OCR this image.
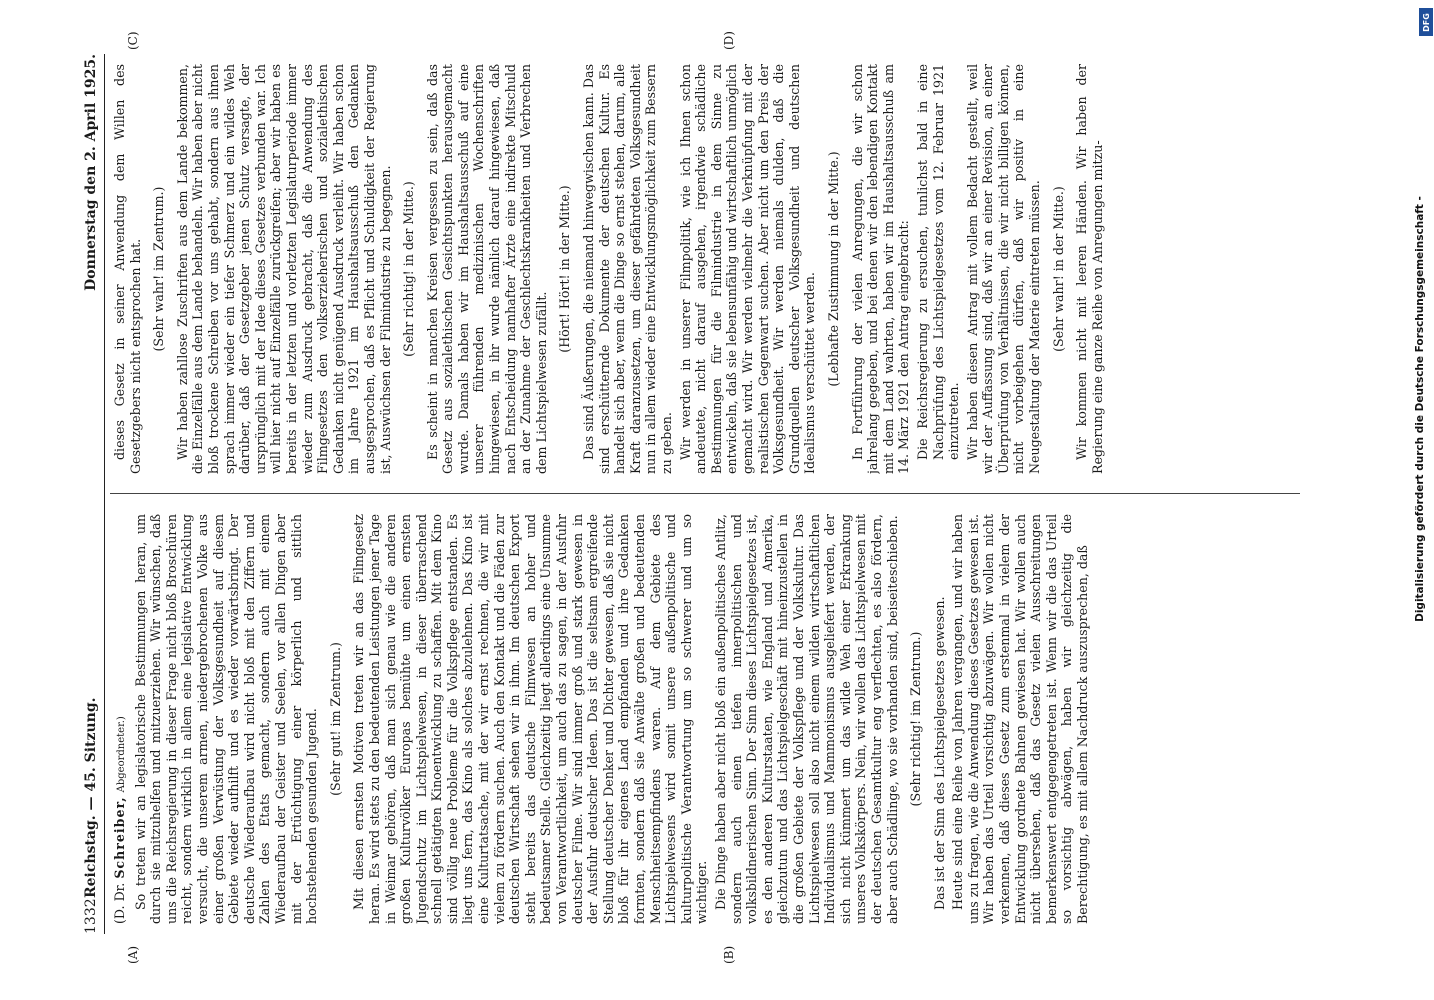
1332
Reichstag. — 45. Sitzung.
Donnerstag den 2. April 1925.
(A)	(B)
(C)	(D)
(D. Dr. Schreiber, Abgeordneter.) So treten wir an legislatorische Bestimmungen heran, um durch sie mitzuhelfen und mitzuerziehen. Wir wünschen, daß uns die Reichsregierung in dieser Frage nicht bloß Broschüren reicht, sondern wirklich in allem eine legislative Entwicklung versucht, die unserem armen, niedergebrochenen Volke aus einer großen Verwüstung der Volksgesundheit auf diesem Gebiete wieder aufhilft und es wieder vorwärtsbringt. Der deutsche Wiederaufbau wird nicht bloß mit den Ziffern und Zahlen des Etats gemacht, sondern auch mit einem Wiederaufbau der Geister und Seelen, vor allen Dingen aber mit der Ertüchtigung einer körperlich und sittlich hochstehenden gesunden Jugend. (Sehr gut! im Zentrum.) Mit diesen ernsten Motiven treten wir an das Filmgesetz heran. Es wird stets zu den bedeutenden Leistungen jener Tage in Weimar gehören, daß man sich genau wie die anderen großen Kulturvölker Europas bemühte um einen ernsten Jugendschutz im Lichtspielwesen, in dieser überraschend schnell getätigten Kinoentwicklung zu schaffen. Mit dem Kino sind völlig neue Probleme für die Volkspflege entstanden. Es liegt uns fern, das Kino als solches abzulehnen. Das Kino ist eine Kulturtatsache, mit der wir ernst rechnen, die wir mit vielem zu fördern suchen. Auch den Kontakt und die Fäden zur deutschen Wirtschaft sehen wir in ihm. Im deutschen Export steht bereits das deutsche Filmwesen an hoher und bedeutsamer Stelle. Gleichzeitig liegt allerdings eine Unsumme von Verantwortlichkeit, um auch das zu sagen, in der Ausfuhr deutscher Filme. Wir sind immer groß und stark gewesen in der Ausfuhr deutscher Ideen. Das ist die seltsam ergreifende Stellung deutscher Denker und Dichter gewesen, daß sie nicht bloß für ihr eigenes Land empfanden und ihre Gedanken formten, sondern daß sie Anwälte großen und bedeutenden Menschheitsempfindens waren. Auf dem Gebiete des Lichtspielwesens wird somit unsere außenpolitische und kulturpolitische Verantwortung um so schwerer und um so wichtiger. Die Dinge haben aber nicht bloß ein außenpolitisches Antlitz, sondern auch einen tiefen innerpolitischen und volksbildnerischen Sinn. Der Sinn dieses Lichtspielgesetzes ist, es den anderen Kulturstaaten, wie England und Amerika, gleichzutun und das Lichtspielgeschäft mit hineinzustellen in die großen Gebiete der Volkspflege und der Volkskultur. Das Lichtspielwesen soll also nicht einem wilden wirtschaftlichen Individualismus und Mammonismus ausgeliefert werden, der sich nicht kümmert um das wilde Weh einer Erkrankung unseres Volkskörpers. Nein, wir wollen das Lichtspielwesen mit der deutschen Gesamtkultur eng verflechten, es also fördern, aber auch Schädlinge, wo sie vorhanden sind, beiseiteschieben. (Sehr richtig! im Zentrum.) Das ist der Sinn des Lichtspielgesetzes gewesen. Heute sind eine Reihe von Jahren vergangen, und wir haben uns zu fragen, wie die Anwendung dieses Gesetzes gewesen ist. Wir haben das Urteil vorsichtig abzuwägen. Wir wollen nicht verkennen, daß dieses Gesetz zum erstenmal in vielem der Entwicklung gordnete Bahnen gewiesen hat. Wir wollen auch nicht übersehen, daß das Gesetz vielen Ausschreitungen bemerkenswert entgegengetreten ist. Wenn wir die das Urteil so vorsichtig abwägen, haben wir gleichzeitig die Berechtigung, es mit allem Nachdruck auszusprechen, daß

dieses Gesetz in seiner Anwendung dem Willen des Gesetzgebers nicht entsprochen hat. (Sehr wahr! im Zentrum.) Wir haben zahllose Zuschriften aus dem Lande bekommen, die Einzelfälle aus dem Lande behandeln. Wir haben aber nicht bloß trockene Schreiben vor uns gehabt, sondern aus ihnen sprach immer wieder ein tiefer Schmerz und ein wildes Weh darüber, daß der Gesetzgeber jenen Schutz versagte, der ursprünglich mit der Idee dieses Gesetzes verbunden war. Ich will hier nicht auf Einzelfälle zurückgreifen; aber wir haben es bereits in der letzten und vorletzten Legislaturperiode immer wieder zum Ausdruck gebracht, daß die Anwendung des Filmgesetzes den volkserzieherischen und sozialethischen Gedanken nicht genügend Ausdruck verleiht. Wir haben schon im Jahre 1921 im Haushaltsausschuß den Gedanken ausgesprochen, daß es Pflicht und Schuldigkeit der Regierung ist, Auswüchsen der Filmindustrie zu begegnen. (Sehr richtig! in der Mitte.) Es scheint in manchen Kreisen vergessen zu sein, daß das Gesetz aus sozialethischen Gesichtspunkten herausgemacht wurde. Damals haben wir im Haushaltsausschuß auf eine unserer führenden medizinischen Wochenschriften hingewiesen, in ihr wurde nämlich darauf hingewiesen, daß nach Entscheidung namhafter Ärzte eine indirekte Mitschuld an der Zunahme der Geschlechtskrankheiten und Verbrechen dem Lichtspielwesen zufällt.

(Hört! Hört! in der Mitte.) Das sind Äußerungen, die niemand hinwegwischen kann. Das sind erschütternde Dokumente der deutschen Kultur. Es handelt sich aber, wenn die Dinge so ernst stehen, darum, alle Kraft daranzusetzen, um dieser gefährdeten Volksgesundheit nun in allem wieder eine Entwicklungsmöglichkeit zum Bessern zu geben. Wir werden in unserer Filmpolitik, wie ich Ihnen schon andeutete, nicht darauf ausgehen, irgendwie schädliche Bestimmungen für die Filmindustrie in dem Sinne zu entwickeln, daß sie lebensunfähig und wirtschaftlich unmöglich gemacht wird. Wir werden vielmehr die Verknüpfung mit der realistischen Gegenwart suchen. Aber nicht um den Preis der Volksgesundheit. Wir werden niemals dulden, daß die Grundquellen deutscher Volksgesundheit und deutschen Idealismus verschüttet werden. (Lebhafte Zustimmung in der Mitte.) In Fortführung der vielen Anregungen, die wir schon jahrelang gegeben, und bei denen wir den lebendigen Kontakt mit dem Land wahrten, haben wir im Haushaltsausschuß am 14. März 1921 den Antrag eingebracht: Die Reichsregierung zu ersuchen, tunlichst bald in eine Nachprüfung des Lichtspielgesetzes vom 12. Februar 1921 einzutreten. Wir haben diesen Antrag mit vollem Bedacht gestellt, weil wir der Auffassung sind, daß wir an einer Revision, an einer Überprüfung von Verhältnissen, die wir nicht billigen können, nicht vorbeigehen dürfen, daß wir positiv in eine Neugestaltung der Materie eintreten müssen. (Sehr wahr! in der Mitte.) Wir kommen nicht mit leeren Händen. Wir haben der Regierung eine ganze Reihe von Anregungen mitzu-

DFG
Digitalisierung gefördert durch die Deutsche Forschungsgemeinschaft -
